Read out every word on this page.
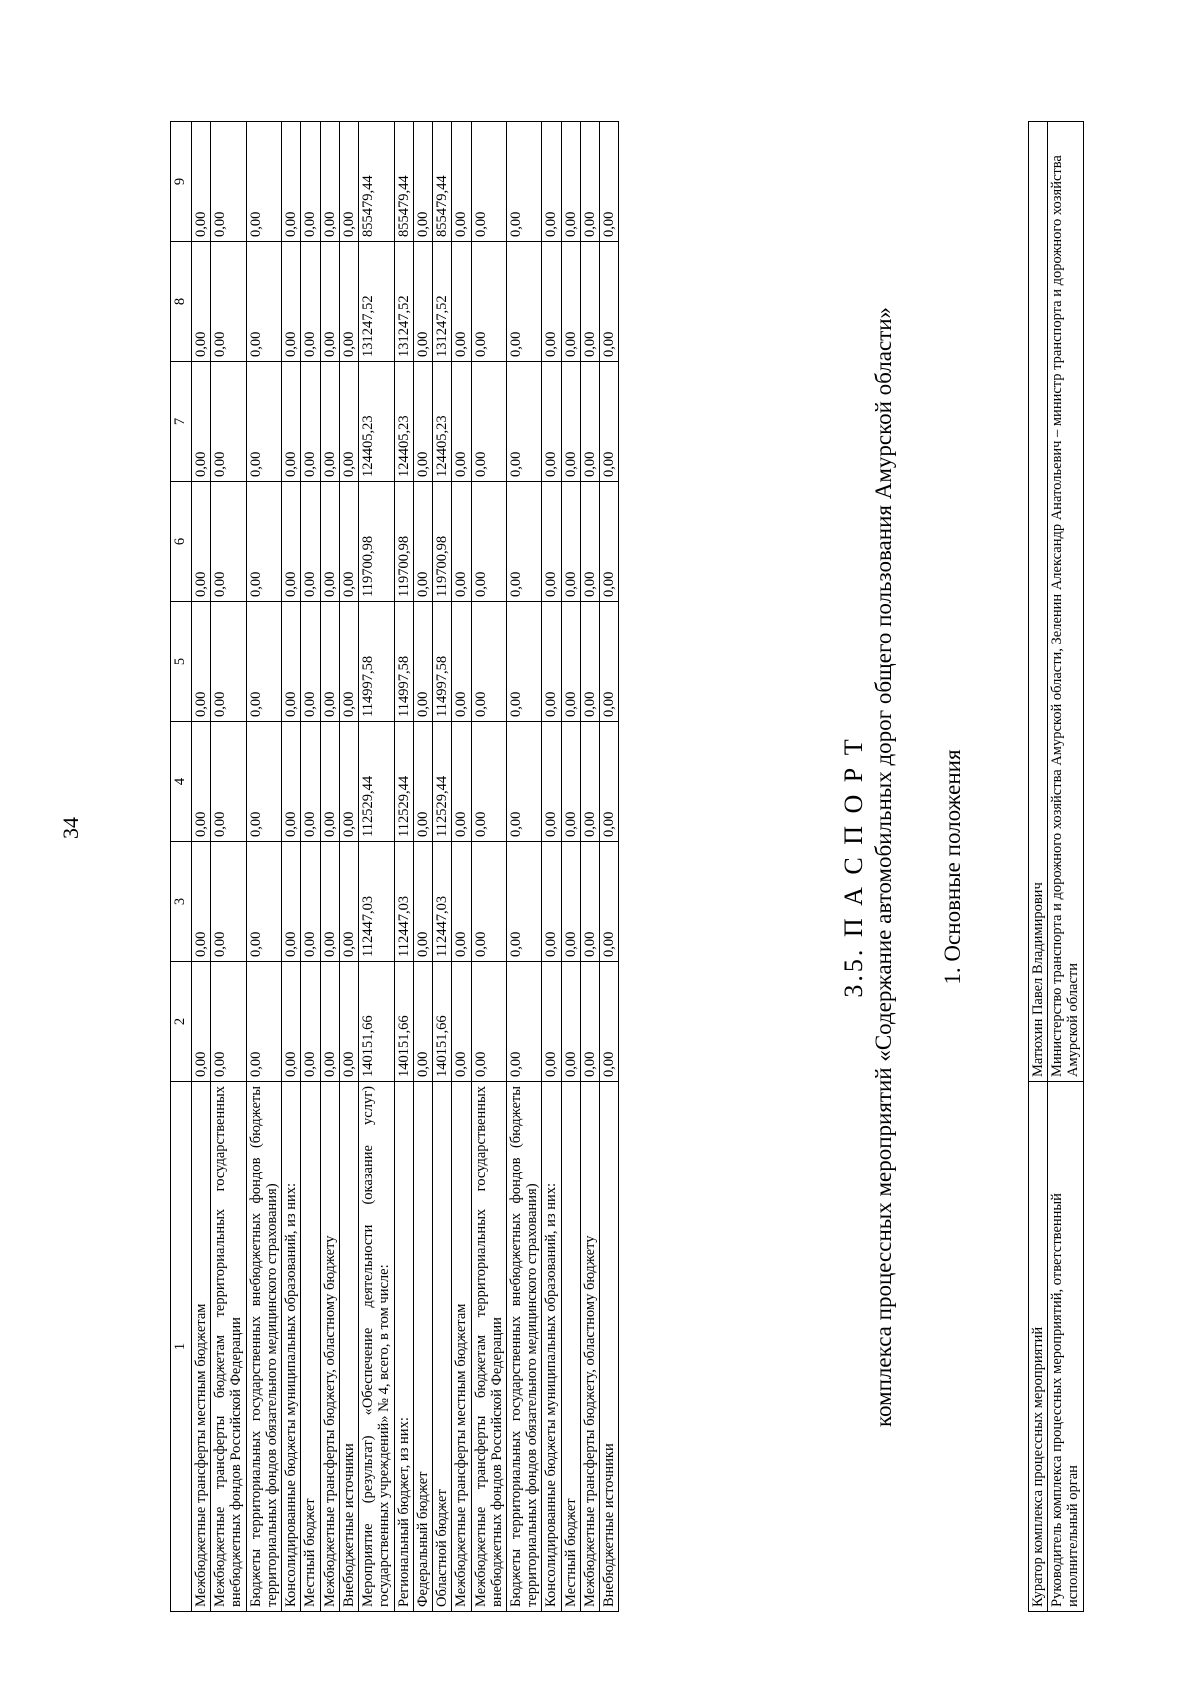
34
1	2	3	4	5	6	7	8	9
Межбюджетные трансферты местным бюджетам	0,00	0,00	0,00	0,00	0,00	0,00	0,00	0,00
Межбюджетные трансферты бюджетам территориальных государственных внебюджетных фондов Российской Федерации	0,00	0,00	0,00	0,00	0,00	0,00	0,00	0,00
Бюджеты территориальных государственных внебюджетных фондов (бюджеты территориальных фондов обязательного медицинского страхования)	0,00	0,00	0,00	0,00	0,00	0,00	0,00	0,00
Консолидированные бюджеты муниципальных образований, из них:	0,00	0,00	0,00	0,00	0,00	0,00	0,00	0,00
Местный бюджет	0,00	0,00	0,00	0,00	0,00	0,00	0,00	0,00
Межбюджетные трансферты бюджету, областному бюджету	0,00	0,00	0,00	0,00	0,00	0,00	0,00	0,00
Внебюджетные источники	0,00	0,00	0,00	0,00	0,00	0,00	0,00	0,00
Мероприятие (результат) «Обеспечение деятельности (оказание услуг) государственных учреждений» № 4, всего, в том числе:	140151,66	112447,03	112529,44	114997,58	119700,98	124405,23	131247,52	855479,44
Региональный бюджет, из них:	140151,66	112447,03	112529,44	114997,58	119700,98	124405,23	131247,52	855479,44
Федеральный бюджет	0,00	0,00	0,00	0,00	0,00	0,00	0,00	0,00
Областной бюджет	140151,66	112447,03	112529,44	114997,58	119700,98	124405,23	131247,52	855479,44
Межбюджетные трансферты местным бюджетам	0,00	0,00	0,00	0,00	0,00	0,00	0,00	0,00
Межбюджетные трансферты бюджетам территориальных государственных внебюджетных фондов Российской Федерации	0,00	0,00	0,00	0,00	0,00	0,00	0,00	0,00
Бюджеты территориальных государственных внебюджетных фондов (бюджеты территориальных фондов обязательного медицинского страхования)	0,00	0,00	0,00	0,00	0,00	0,00	0,00	0,00
Консолидированные бюджеты муниципальных образований, из них:	0,00	0,00	0,00	0,00	0,00	0,00	0,00	0,00
Местный бюджет	0,00	0,00	0,00	0,00	0,00	0,00	0,00	0,00
Межбюджетные трансферты бюджету, областному бюджету	0,00	0,00	0,00	0,00	0,00	0,00	0,00	0,00
Внебюджетные источники	0,00	0,00	0,00	0,00	0,00	0,00	0,00	0,00

3.5. П А С П О Р Т комплекса процессных мероприятий «Содержание автомобильных дорог общего пользования Амурской области» 1. Основные положения
Куратор комплекса процессных мероприятий	Матюхин Павел Владимирович
Руководитель комплекса процессных мероприятий, ответственный исполнительный орган	Министерство транспорта и дорожного хозяйства Амурской области, Зеленин Александр Анатольевич – министр транспорта и дорожного хозяйства Амурской области
